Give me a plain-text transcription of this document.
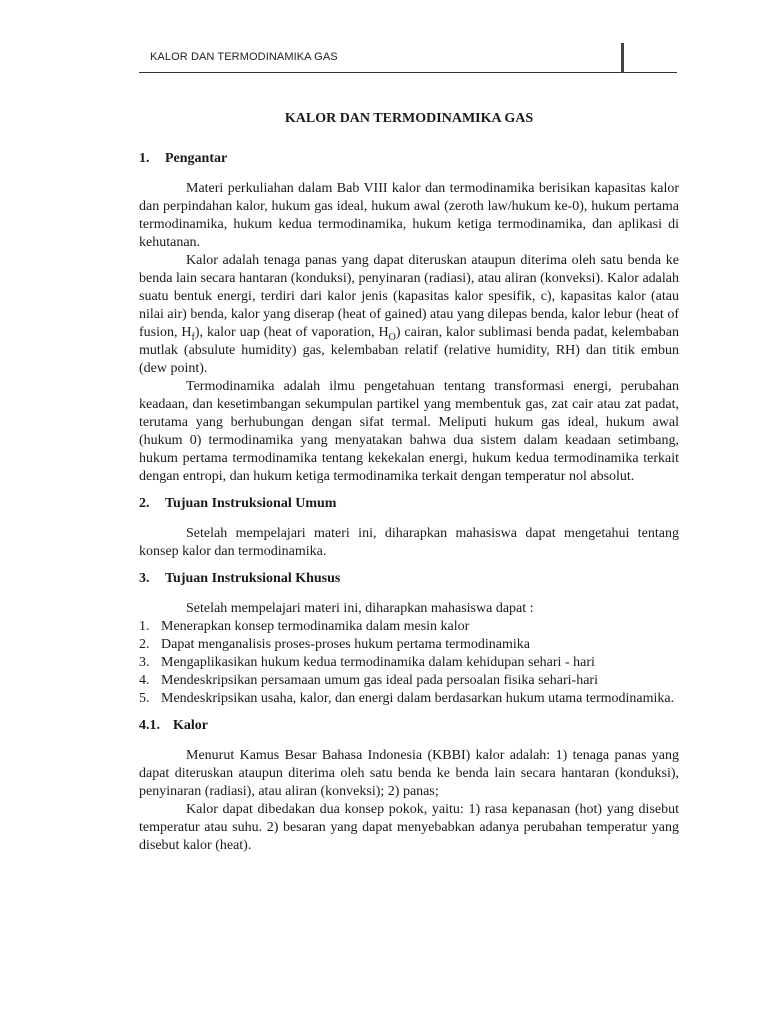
KALOR DAN TERMODINAMIKA GAS
KALOR DAN TERMODINAMIKA GAS
1.	Pengantar

Materi perkuliahan dalam Bab VIII kalor dan termodinamika berisikan kapasitas kalor dan perpindahan kalor, hukum gas ideal, hukum awal (zeroth law/hukum ke-0), hukum pertama termodinamika, hukum kedua termodinamika, hukum ketiga termodinamika, dan aplikasi di kehutanan.

Kalor adalah tenaga panas yang dapat diteruskan ataupun diterima oleh satu benda ke benda lain secara hantaran (konduksi), penyinaran (radiasi), atau aliran (konveksi). Kalor adalah suatu bentuk energi, terdiri dari kalor jenis (kapasitas kalor spesifik, c), kapasitas kalor (atau nilai air) benda, kalor yang diserap (heat of gained) atau yang dilepas benda, kalor lebur (heat of fusion, $H_f$), kalor uap (heat of vaporation, $H_O$) cairan, kalor sublimasi benda padat, kelembaban mutlak (absulute humidity) gas, kelembaban relatif (relative humidity, RH) dan titik embun (dew point).

Termodinamika adalah ilmu pengetahuan tentang transformasi energi, perubahan keadaan, dan kesetimbangan sekumpulan partikel yang membentuk gas, zat cair atau zat padat, terutama yang berhubungan dengan sifat termal. Meliputi hukum gas ideal, hukum awal (hukum 0) termodinamika yang menyatakan bahwa dua sistem dalam keadaan setimbang, hukum pertama termodinamika tentang kekekalan energi, hukum kedua termodinamika terkait dengan entropi, dan hukum ketiga termodinamika terkait dengan temperatur nol absolut.

2.	Tujuan Instruksional Umum

Setelah mempelajari materi ini, diharapkan mahasiswa dapat mengetahui tentang konsep kalor dan termodinamika.

3.	Tujuan Instruksional Khusus

Setelah mempelajari materi ini, diharapkan mahasiswa dapat :

1. Menerapkan konsep termodinamika dalam mesin kalor
2. Dapat menganalisis proses-proses hukum pertama termodinamika
3. Mengaplikasikan hukum kedua termodinamika dalam kehidupan sehari - hari
4. Mendeskripsikan persamaan umum gas ideal pada persoalan fisika sehari-hari
5. Mendeskripsikan usaha, kalor, dan energi dalam berdasarkan hukum utama termodinamika.
4.1. Kalor

Menurut Kamus Besar Bahasa Indonesia (KBBI) kalor adalah: 1) tenaga panas yang dapat diteruskan ataupun diterima oleh satu benda ke benda lain secara hantaran (konduksi), penyinaran (radiasi), atau aliran (konveksi); 2) panas;

Kalor dapat dibedakan dua konsep pokok, yaitu: 1) rasa kepanasan (hot) yang disebut temperatur atau suhu. 2) besaran yang dapat menyebabkan adanya perubahan temperatur yang disebut kalor (heat).
